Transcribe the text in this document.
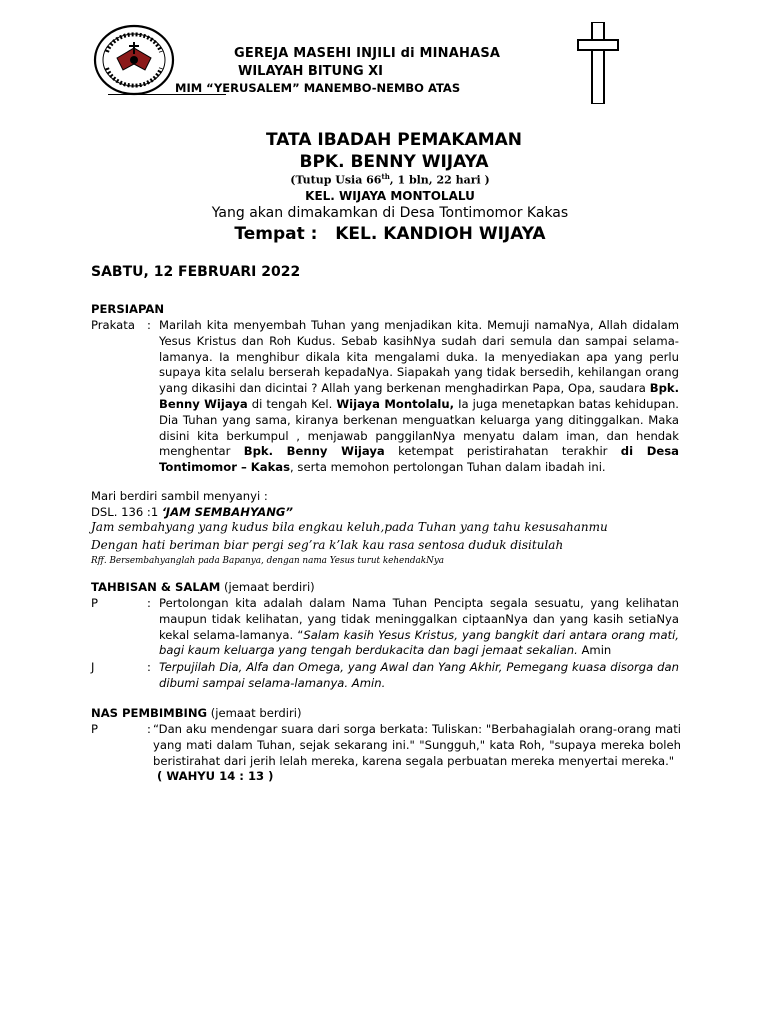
GEREJA MASEHI INJILI di MINAHASA
WILAYAH BITUNG XI
MIM “YERUSALEM” MANEMBO-NEMBO ATAS
TATA IBADAH PEMAKAMAN
BPK. BENNY WIJAYA
(Tutup Usia 66th, 1 bln, 22 hari )
KEL. WIJAYA MONTOLALU
Yang akan dimakamkan di Desa Tontimomor Kakas
Tempat :   KEL. KANDIOH WIJAYA
SABTU, 12 FEBRUARI 2022
PERSIAPAN
Prakata : Marilah kita menyembah Tuhan yang menjadikan kita. Memuji namaNya, Allah didalam Yesus Kristus dan Roh Kudus. Sebab kasihNya sudah dari semula dan sampai selama-lamanya. Ia menghibur dikala kita mengalami duka. Ia menyediakan apa yang perlu supaya kita selalu berserah kepadaNya. Siapakah yang tidak bersedih, kehilangan orang yang dikasihi dan dicintai ? Allah yang berkenan menghadirkan Papa, Opa, saudara Bpk. Benny Wijaya di tengah Kel. Wijaya Montolalu, Ia juga menetapkan batas kehidupan. Dia Tuhan yang sama, kiranya berkenan menguatkan keluarga yang ditinggalkan. Maka disini kita berkumpul , menjawab panggilanNya menyatu dalam iman, dan hendak menghentar Bpk. Benny Wijaya ketempat peristirahatan terakhir di Desa Tontimomor – Kakas, serta memohon pertolongan Tuhan dalam ibadah ini.
Mari berdiri sambil menyanyi :
DSL. 136 :1 ‘JAM SEMBAHYANG”
Jam sembahyang yang kudus bila engkau keluh,pada Tuhan yang tahu kesusahanmu
Dengan hati beriman biar pergi seg’ra k’lak kau rasa sentosa duduk disitulah
Rff. Bersembahyanglah pada Bapanya, dengan nama Yesus turut kehendakNya
TAHBISAN & SALAM (jemaat berdiri)
P	: Pertolongan kita adalah dalam Nama Tuhan Pencipta segala sesuatu, yang kelihatan maupun tidak kelihatan, yang tidak meninggalkan ciptaanNya dan yang kasih setiaNya kekal selama-lamanya. “Salam kasih Yesus Kristus, yang bangkit dari antara orang mati, bagi kaum keluarga yang tengah berdukacita dan bagi jemaat sekalian. Amin
J	: Terpujilah Dia, Alfa dan Omega, yang Awal dan Yang Akhir, Pemegang kuasa disorga dan dibumi sampai selama-lamanya. Amin.
NAS PEMBIMBING (jemaat berdiri)
P	: “Dan aku mendengar suara dari sorga berkata: Tuliskan: "Berbahagialah orang-orang mati yang mati dalam Tuhan, sejak sekarang ini." "Sungguh," kata Roh, "supaya mereka boleh beristirahat dari jerih lelah mereka, karena segala perbuatan mereka menyertai mereka."
( WAHYU 14 : 13 )
